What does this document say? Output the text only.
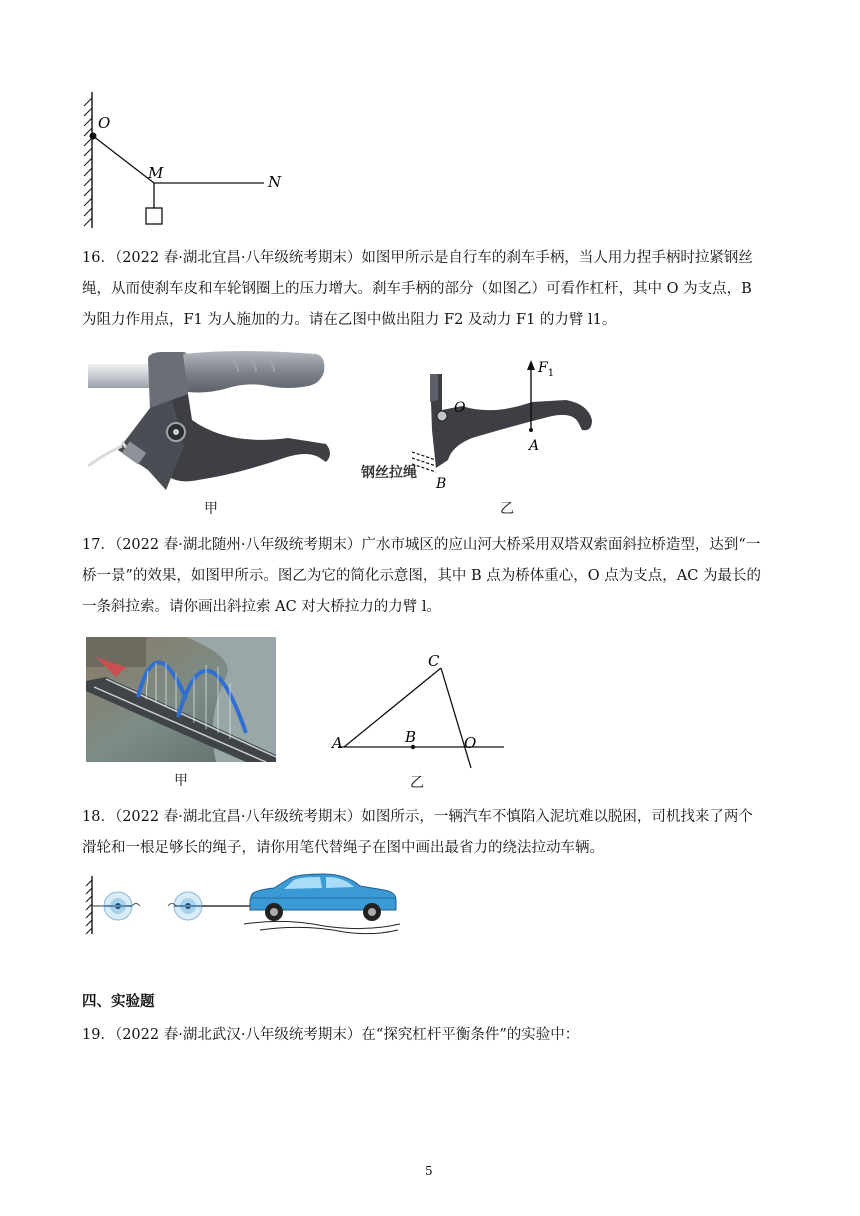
O
M	N
16．（2022 春·湖北宜昌·八年级统考期末）如图甲所示是自行车的刹车手柄，当人用力捏手柄时拉紧钢丝
绳，从而使刹车皮和车轮钢圈上的压力增大。刹车手柄的部分（如图乙）可看作杠杆，其中 O 为支点，B
为阻力作用点，F1 为人施加的力。请在乙图中做出阻力 F2 及动力 F1 的力臂 l1。
甲
$F_1$
O
A
B
钢丝拉绳
乙
17．（2022 春·湖北随州·八年级统考期末）广水市城区的应山河大桥采用双塔双索面斜拉桥造型，达到“一
桥一景”的效果，如图甲所示。图乙为它的简化示意图，其中 B 点为桥体重心，O 点为支点，AC 为最长的
一条斜拉索。请你画出斜拉索 AC 对大桥拉力的力臂 l。
甲
A	B
C
O
乙
18．（2022 春·湖北宜昌·八年级统考期末）如图所示，一辆汽车不慎陷入泥坑难以脱困，司机找来了两个
滑轮和一根足够长的绳子，请你用笔代替绳子在图中画出最省力的绕法拉动车辆。
四、实验题
19．（2022 春·湖北武汉·八年级统考期末）在“探究杠杆平衡条件”的实验中：
5
